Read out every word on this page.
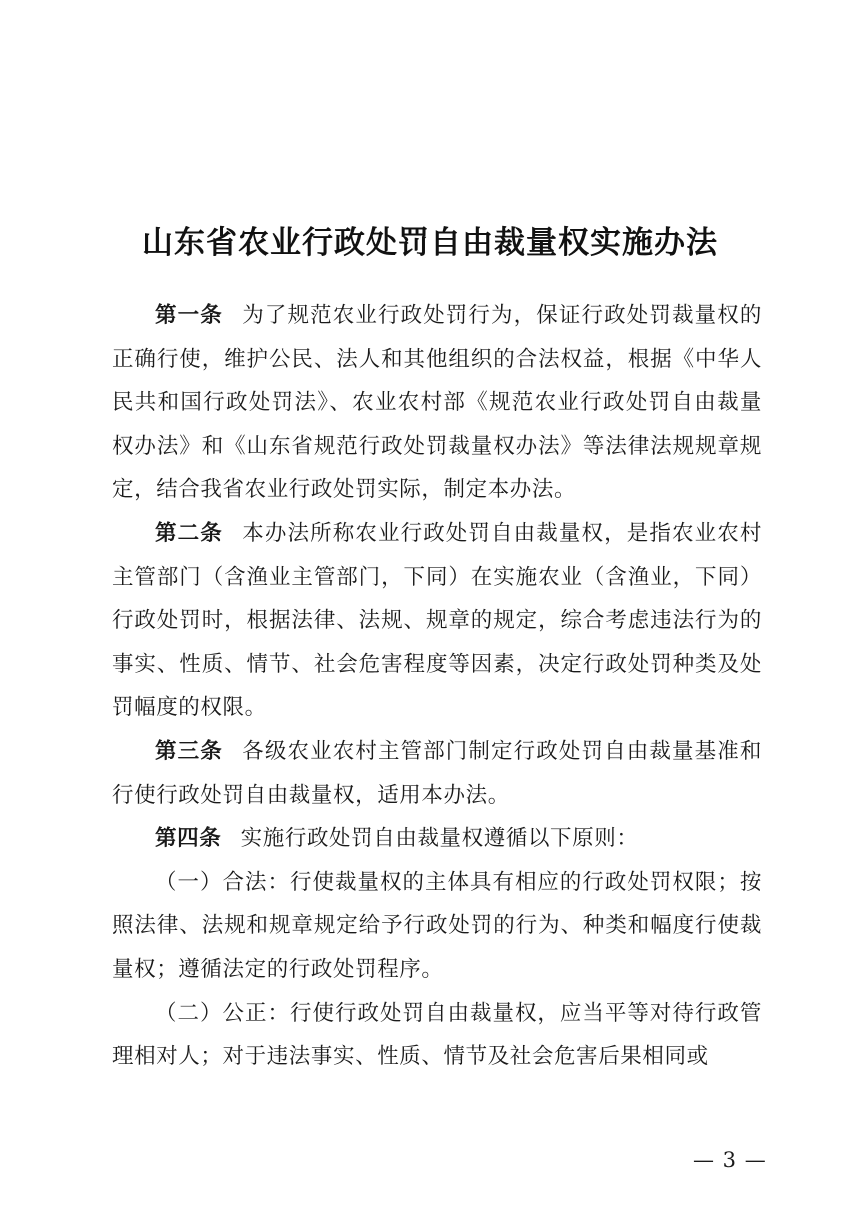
山东省农业行政处罚自由裁量权实施办法

第一条 为了规范农业行政处罚行为，保证行政处罚裁量权的正确行使，维护公民、法人和其他组织的合法权益，根据《中华人民共和国行政处罚法》、农业农村部《规范农业行政处罚自由裁量权办法》和《山东省规范行政处罚裁量权办法》等法律法规规章规定，结合我省农业行政处罚实际，制定本办法。

第二条 本办法所称农业行政处罚自由裁量权，是指农业农村主管部门（含渔业主管部门，下同）在实施农业（含渔业，下同）行政处罚时，根据法律、法规、规章的规定，综合考虑违法行为的事实、性质、情节、社会危害程度等因素，决定行政处罚种类及处罚幅度的权限。

第三条 各级农业农村主管部门制定行政处罚自由裁量基准和行使行政处罚自由裁量权，适用本办法。

第四条 实施行政处罚自由裁量权遵循以下原则：

（一）合法：行使裁量权的主体具有相应的行政处罚权限；按照法律、法规和规章规定给予行政处罚的行为、种类和幅度行使裁量权；遵循法定的行政处罚程序。

（二）公正：行使行政处罚自由裁量权，应当平等对待行政管理相对人；对于违法事实、性质、情节及社会危害后果相同或

— 3 —
